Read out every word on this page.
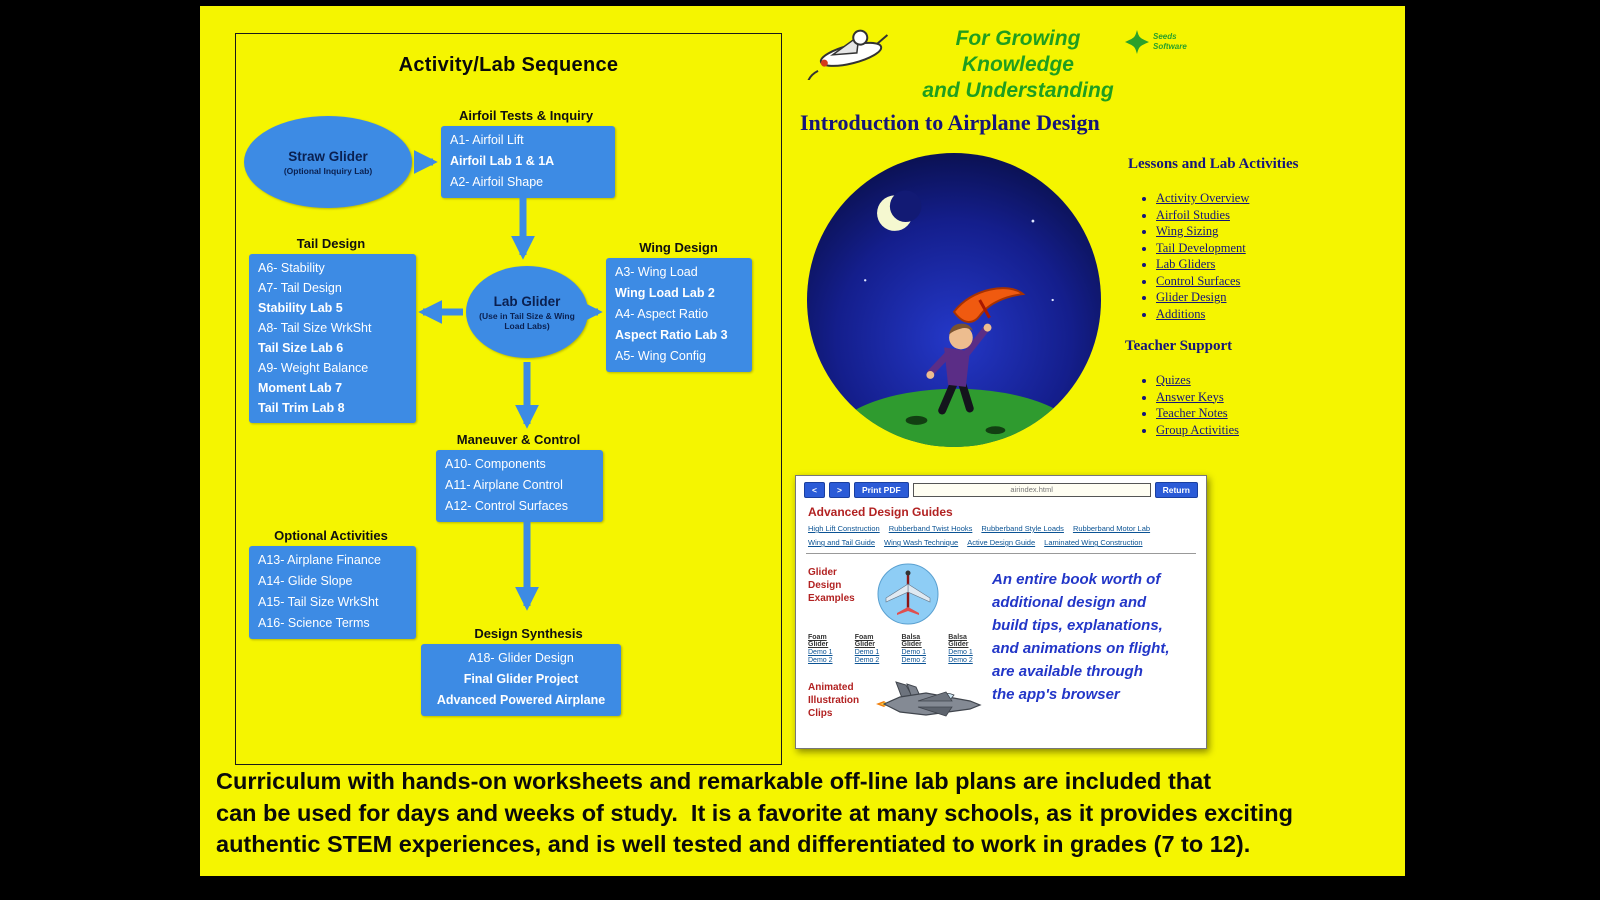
Activity/Lab Sequence
Straw Glider
(Optional Inquiry Lab)
Airfoil Tests & Inquiry
A1- Airfoil Lift
Airfoil Lab 1 & 1A
A2- Airfoil Shape
Tail Design
A6- Stability
A7- Tail Design
Stability Lab 5
A8- Tail Size WrkSht
Tail Size Lab 6
A9- Weight Balance
Moment Lab 7
Tail Trim Lab 8
Lab Glider
(Use in Tail Size & Wing Load Labs)
Wing Design
A3- Wing Load
Wing Load Lab 2
A4- Aspect Ratio
Aspect Ratio Lab 3
A5- Wing Config
Maneuver & Control
A10- Components
A11- Airplane Control
A12- Control Surfaces
Optional Activities
A13- Airplane Finance
A14- Glide Slope
A15- Tail Size WrkSht
A16- Science Terms
Design Synthesis
A18- Glider Design
Final Glider Project
Advanced Powered Airplane
For Growing Knowledge
and Understanding
Seeds
Software
Introduction to Airplane Design
Lessons and Lab Activities
• Activity Overview
• Airfoil Studies
• Wing Sizing
• Tail Development
• Lab Gliders
• Control Surfaces
• Glider Design
• Additions
Teacher Support
• Quizes
• Answer Keys
• Teacher Notes
• Group Activities
<	>	Print PDF
airindex.html	Return
Advanced Design Guides
High Lift Construction Rubberband Twist Hooks Rubberband Style Loads Rubberband Motor Lab
Wing and Tail Guide Wing Wash Technique Active Design Guide Laminated Wing Construction
Glider Design Examples
An entire book worth of
additional design and
build tips, explanations,
and animations on flight,
are available through
the app's browser
Foam Glider
Demo 1
Demo 2
Foam Glider
Demo 1
Demo 2
Balsa Glider
Demo 1
Demo 2
Balsa Glider
Demo 1
Demo 2
Animated Illustration Clips
Curriculum with hands-on worksheets and remarkable off-line lab plans are included that
can be used for days and weeks of study.  It is a favorite at many schools, as it provides exciting
authentic STEM experiences, and is well tested and differentiated to work in grades (7 to 12).
